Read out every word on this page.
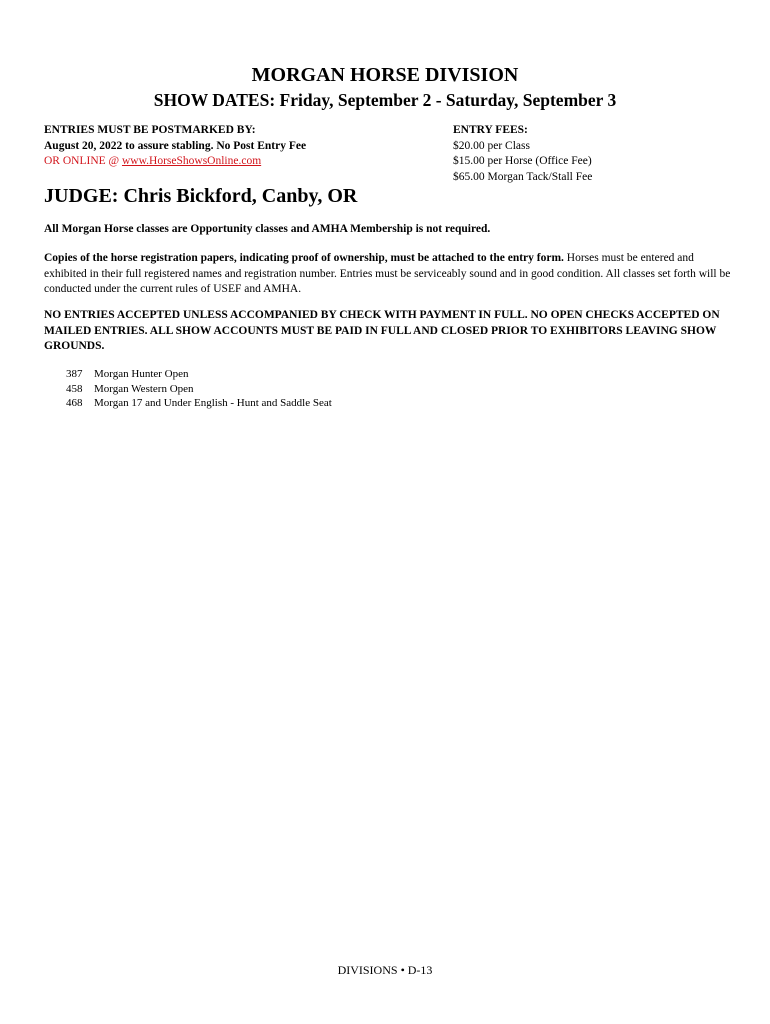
MORGAN HORSE DIVISION
SHOW DATES: Friday, September 2 - Saturday, September 3
ENTRIES MUST BE POSTMARKED BY:
August 20, 2022 to assure stabling. No Post Entry Fee
OR ONLINE @ www.HorseShowsOnline.com
ENTRY FEES:
$20.00 per Class
$15.00 per Horse (Office Fee)
$65.00 Morgan Tack/Stall Fee
JUDGE: Chris Bickford, Canby, OR
All Morgan Horse classes are Opportunity classes and AMHA Membership is not required.
Copies of the horse registration papers, indicating proof of ownership, must be attached to the entry form. Horses must be entered and exhibited in their full registered names and registration number. Entries must be serviceably sound and in good condition. All classes set forth will be conducted under the current rules of USEF and AMHA.
NO ENTRIES ACCEPTED UNLESS ACCOMPANIED BY CHECK WITH PAYMENT IN FULL. NO OPEN CHECKS ACCEPTED ON MAILED ENTRIES. ALL SHOW ACCOUNTS MUST BE PAID IN FULL AND CLOSED PRIOR TO EXHIBITORS LEAVING SHOW GROUNDS.
387	Morgan Hunter Open
458	Morgan Western Open
468	Morgan 17 and Under English - Hunt and Saddle Seat
DIVISIONS • D-13
